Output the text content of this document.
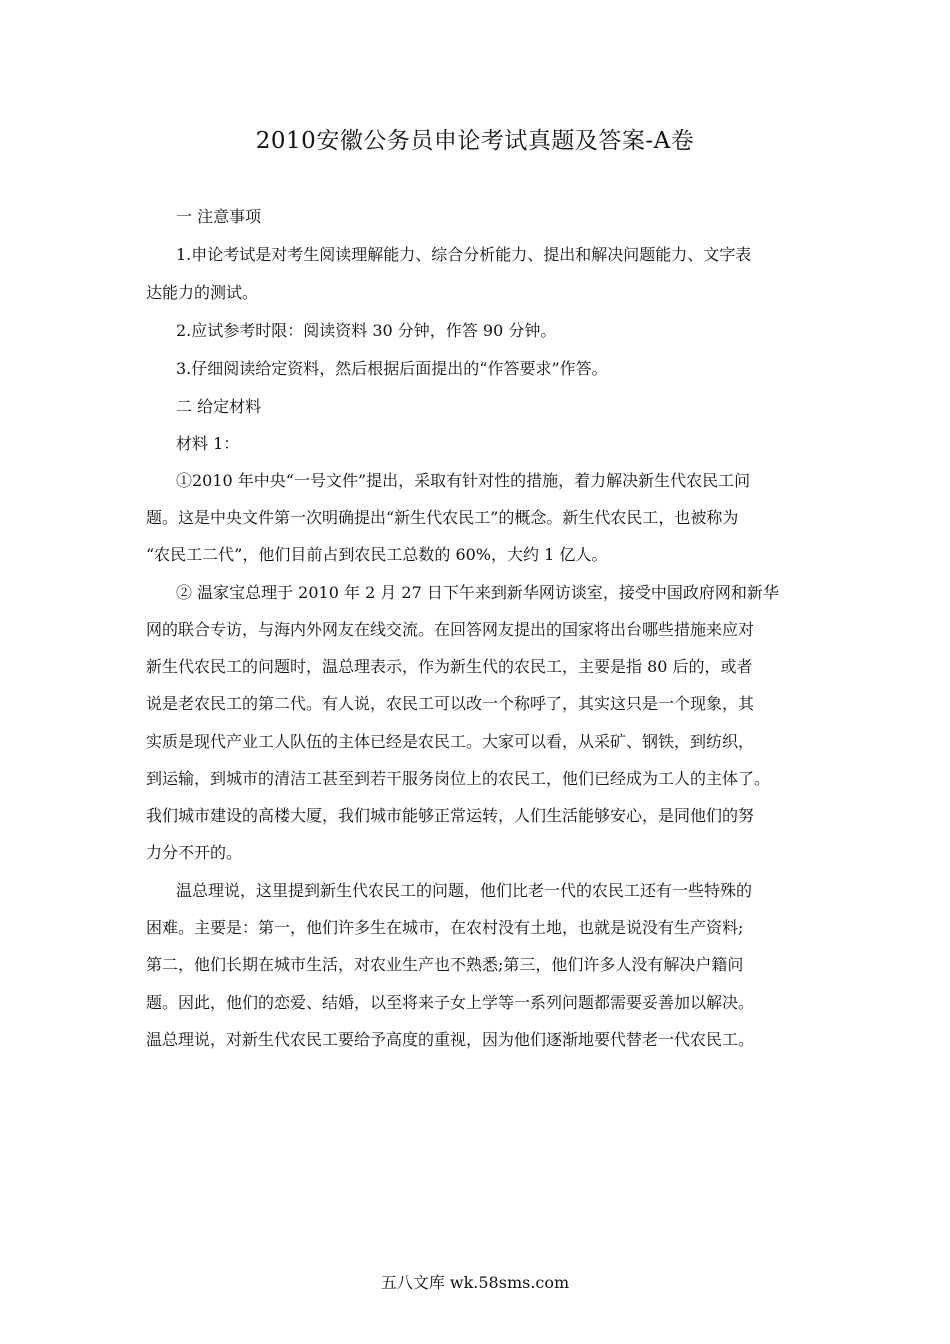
2010安徽公务员申论考试真题及答案-A卷
一 注意事项
1.申论考试是对考生阅读理解能力、综合分析能力、提出和解决问题能力、文字表
达能力的测试。
2.应试参考时限：阅读资料 30 分钟，作答 90 分钟。
3.仔细阅读给定资料，然后根据后面提出的“作答要求”作答。
二 给定材料
材料 1：
①2010 年中央“一号文件”提出，采取有针对性的措施，着力解决新生代农民工问
题。这是中央文件第一次明确提出“新生代农民工”的概念。新生代农民工，也被称为
“农民工二代”，他们目前占到农民工总数的 60%，大约 1 亿人。
② 温家宝总理于 2010 年 2 月 27 日下午来到新华网访谈室，接受中国政府网和新华
网的联合专访，与海内外网友在线交流。在回答网友提出的国家将出台哪些措施来应对
新生代农民工的问题时，温总理表示，作为新生代的农民工，主要是指 80 后的，或者
说是老农民工的第二代。有人说，农民工可以改一个称呼了，其实这只是一个现象，其
实质是现代产业工人队伍的主体已经是农民工。大家可以看，从采矿、钢铁，到纺织，
到运输，到城市的清洁工甚至到若干服务岗位上的农民工，他们已经成为工人的主体了。
我们城市建设的高楼大厦，我们城市能够正常运转，人们生活能够安心，是同他们的努
力分不开的。
温总理说，这里提到新生代农民工的问题，他们比老一代的农民工还有一些特殊的
困难。主要是：第一，他们许多生在城市，在农村没有土地，也就是说没有生产资料;
第二，他们长期在城市生活，对农业生产也不熟悉;第三，他们许多人没有解决户籍问
题。因此，他们的恋爱、结婚，以至将来子女上学等一系列问题都需要妥善加以解决。
温总理说，对新生代农民工要给予高度的重视，因为他们逐渐地要代替老一代农民工。
五八文库 wk.58sms.com
